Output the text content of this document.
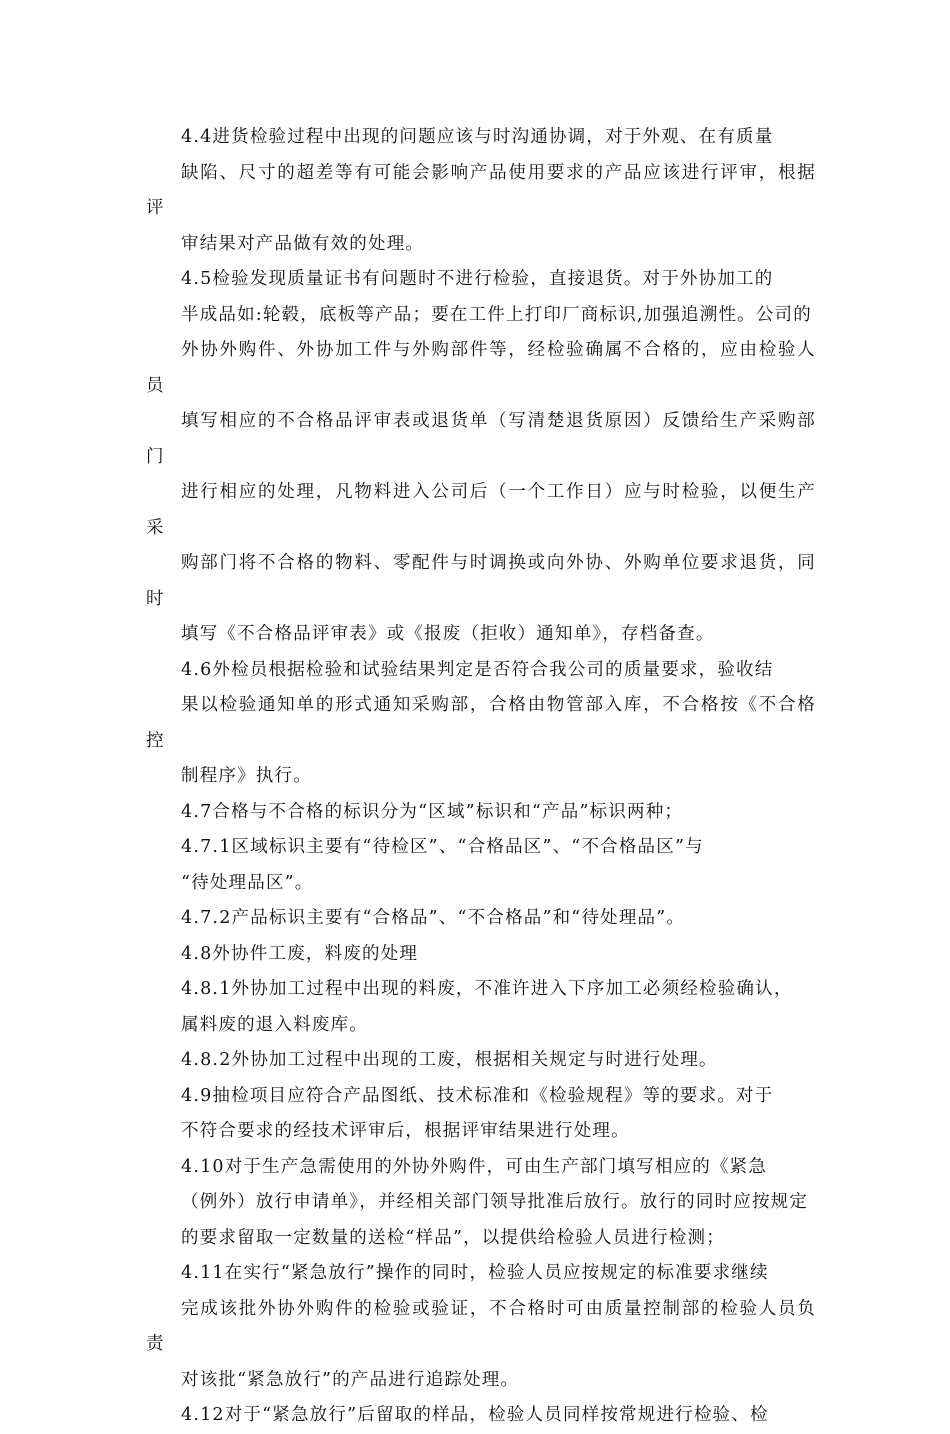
4.4进货检验过程中出现的问题应该与时沟通协调，对于外观、在有质量
缺陷、尺寸的超差等有可能会影响产品使用要求的产品应该进行评审，根据评
审结果对产品做有效的处理。

4.5检验发现质量证书有问题时不进行检验，直接退货。对于外协加工的
半成品如:轮毂，底板等产品；要在工件上打印厂商标识,加强追溯性。公司的
外协外购件、外协加工件与外购部件等，经检验确属不合格的，应由检验人员
填写相应的不合格品评审表或退货单（写清楚退货原因）反馈给生产采购部门
进行相应的处理，凡物料进入公司后（一个工作日）应与时检验，以便生产采
购部门将不合格的物料、零配件与时调换或向外协、外购单位要求退货，同时
填写《不合格品评审表》或《报废（拒收）通知单》，存档备查。

4.6外检员根据检验和试验结果判定是否符合我公司的质量要求，验收结
果以检验通知单的形式通知采购部，合格由物管部入库，不合格按《不合格控
制程序》执行。

4.7合格与不合格的标识分为“区域”标识和“产品”标识两种；

4.7.1区域标识主要有“待检区”、“合格品区”、“不合格品区”与
“待处理品区”。

4.7.2产品标识主要有“合格品”、“不合格品”和“待处理品”。

4.8外协件工废，料废的处理

4.8.1外协加工过程中出现的料废，不准许进入下序加工必须经检验确认，
属料废的退入料废库。

4.8.2外协加工过程中出现的工废，根据相关规定与时进行处理。

4.9抽检项目应符合产品图纸、技术标准和《检验规程》等的要求。对于
不符合要求的经技术评审后，根据评审结果进行处理。

4.10对于生产急需使用的外协外购件，可由生产部门填写相应的《紧急
（例外）放行申请单》，并经相关部门领导批准后放行。放行的同时应按规定
的要求留取一定数量的送检“样品”，以提供给检验人员进行检测；

4.11在实行“紧急放行”操作的同时，检验人员应按规定的标准要求继续
完成该批外协外购件的检验或验证，不合格时可由质量控制部的检验人员负责
对该批“紧急放行”的产品进行追踪处理。

4.12对于“紧急放行”后留取的样品，检验人员同样按常规进行检验、检
